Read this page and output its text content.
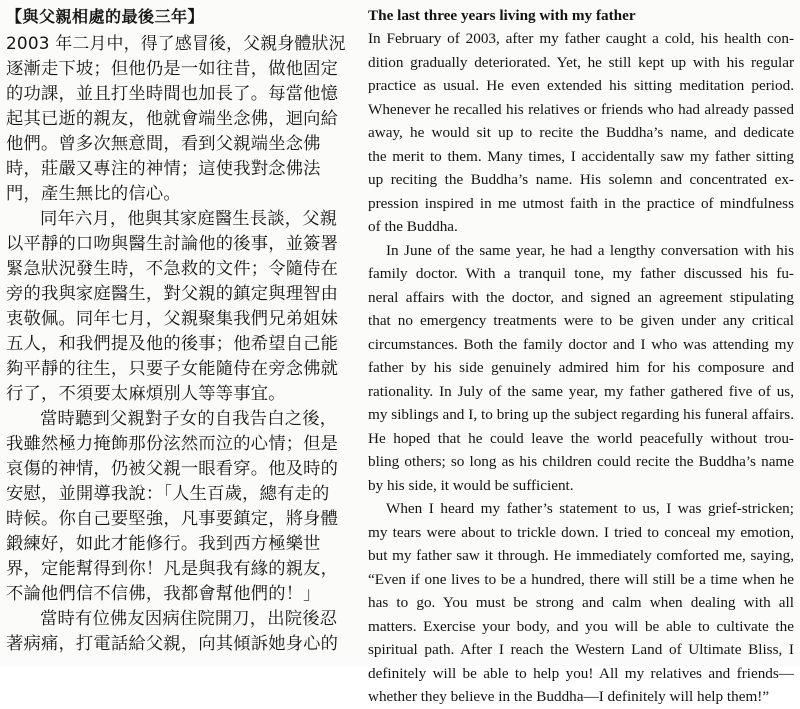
【與父親相處的最後三年】
2003 年二月中，得了感冒後，父親身體狀況
逐漸走下坡；但他仍是一如往昔，做他固定
的功課，並且打坐時間也加長了。每當他憶
起其已逝的親友，他就會端坐念佛，迴向給
他們。曾多次無意間，看到父親端坐念佛
時，莊嚴又專注的神情；這使我對念佛法
門，產生無比的信心。
同年六月，他與其家庭醫生長談，父親
以平靜的口吻與醫生討論他的後事，並簽署
緊急狀況發生時，不急救的文件；令隨侍在
旁的我與家庭醫生，對父親的鎮定與理智由
衷敬佩。同年七月，父親聚集我們兄弟姐妹
五人，和我們提及他的後事；他希望自己能
夠平靜的往生，只要子女能隨侍在旁念佛就
行了，不須要太麻煩別人等等事宜。
當時聽到父親對子女的自我告白之後，
我雖然極力掩飾那份泫然而泣的心情；但是
哀傷的神情，仍被父親一眼看穿。他及時的
安慰，並開導我說：「人生百歲，總有走的
時候。你自己要堅強，凡事要鎮定，將身體
鍛練好，如此才能修行。我到西方極樂世
界，定能幫得到你！凡是與我有緣的親友，
不論他們信不信佛，我都會幫他們的！」
當時有位佛友因病住院開刀，出院後忍
著病痛，打電話給父親，向其傾訴她身心的
The last three years living with my father
In February of 2003, after my father caught a cold, his health con-
dition gradually deteriorated. Yet, he still kept up with his regular
practice as usual. He even extended his sitting meditation period.
Whenever he recalled his relatives or friends who had already passed
away, he would sit up to recite the Buddha’s name, and dedicate
the merit to them. Many times, I accidentally saw my father sitting
up reciting the Buddha’s name. His solemn and concentrated ex-
pression inspired in me utmost faith in the practice of mindfulness
of the Buddha.
In June of the same year, he had a lengthy conversation with his
family doctor. With a tranquil tone, my father discussed his fu-
neral affairs with the doctor, and signed an agreement stipulating
that no emergency treatments were to be given under any critical
circumstances. Both the family doctor and I who was attending my
father by his side genuinely admired him for his composure and
rationality. In July of the same year, my father gathered five of us,
my siblings and I, to bring up the subject regarding his funeral affairs.
He hoped that he could leave the world peacefully without trou-
bling others; so long as his children could recite the Buddha’s name
by his side, it would be sufficient.
When I heard my father’s statement to us, I was grief-stricken;
my tears were about to trickle down. I tried to conceal my emotion,
but my father saw it through. He immediately comforted me, saying,
“Even if one lives to be a hundred, there will still be a time when he
has to go. You must be strong and calm when dealing with all
matters. Exercise your body, and you will be able to cultivate the
spiritual path. After I reach the Western Land of Ultimate Bliss, I
definitely will be able to help you! All my relatives and friends—
whether they believe in the Buddha—I definitely will help them!”
